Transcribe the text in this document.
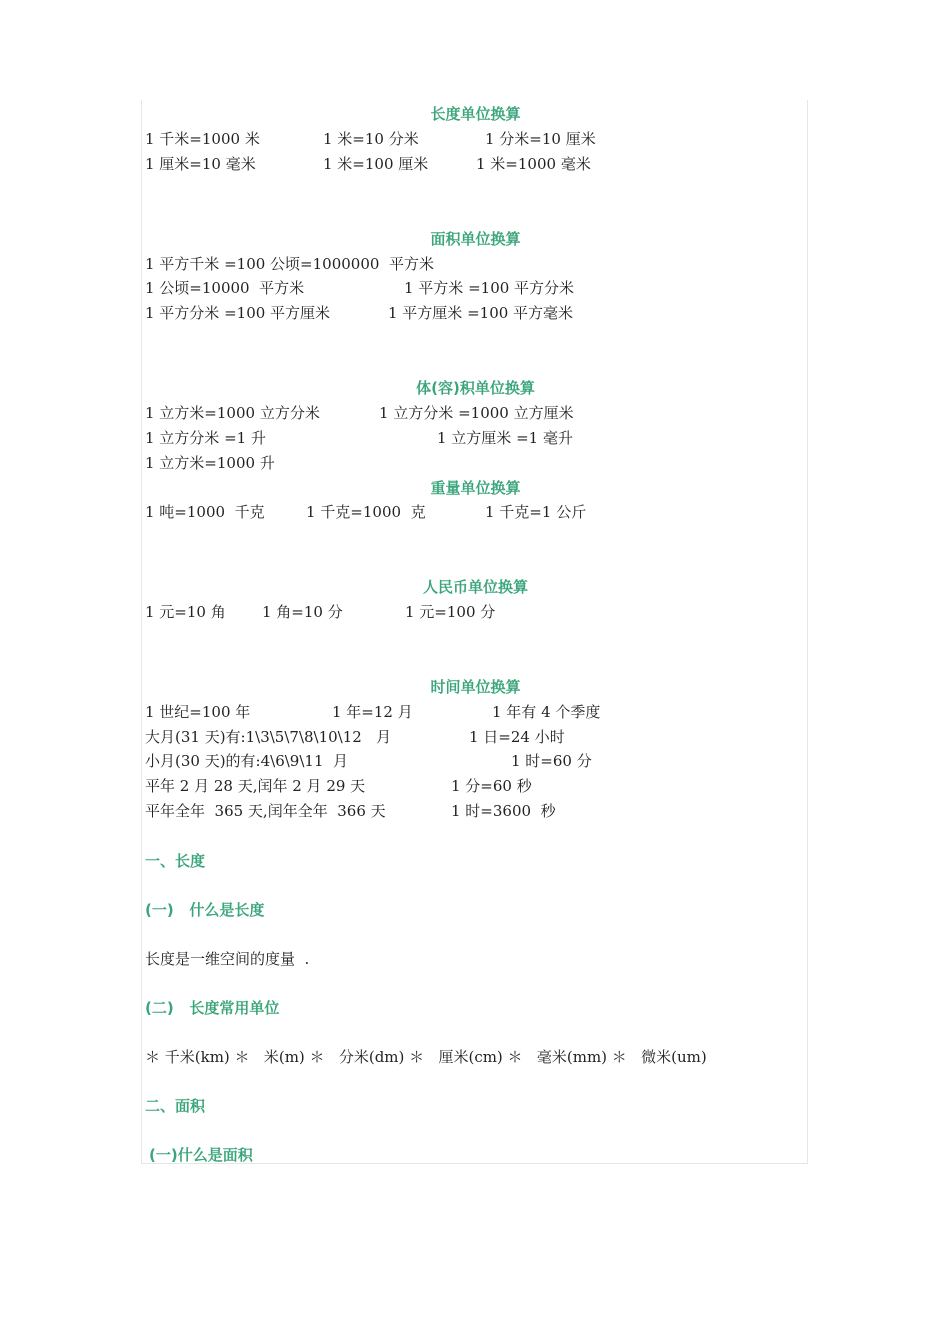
长度单位换算
1 千米=1000 米	1 米=10 分米	1 分米=10 厘米
1 厘米=10 毫米	1 米=100 厘米	1 米=1000 毫米
面积单位换算
1 平方千米 =100 公顷=1000000  平方米
1 公顷=10000  平方米	1 平方米 =100 平方分米
1 平方分米 =100 平方厘米	1 平方厘米 =100 平方毫米
体(容)积单位换算
1 立方米=1000 立方分米	1 立方分米 =1000 立方厘米
1 立方分米 =1 升	1 立方厘米 =1 毫升
1 立方米=1000 升
重量单位换算
1 吨=1000  千克	1 千克=1000  克	1 千克=1 公斤
人民币单位换算
1 元=10 角 1 角=10 分	1 元=100 分
时间单位换算
1 世纪=100 年	1 年=12 月	1 年有 4 个季度
大月(31 天)有:1\3\5\7\8\10\12   月	1 日=24 小时
小月(30 天)的有:4\6\9\11  月	1 时=60 分
平年 2 月 28 天,闰年 2 月 29 天	1 分=60 秒
平年全年  365 天,闰年全年  366 天	1 时=3600  秒
一、长度
(一)   什么是长度
长度是一维空间的度量  .
(二)   长度常用单位
＊ 千米(km) ＊   米(m) ＊   分米(dm) ＊   厘米(cm) ＊   毫米(mm) ＊   微米(um)
二、面积
(一)什么是面积
